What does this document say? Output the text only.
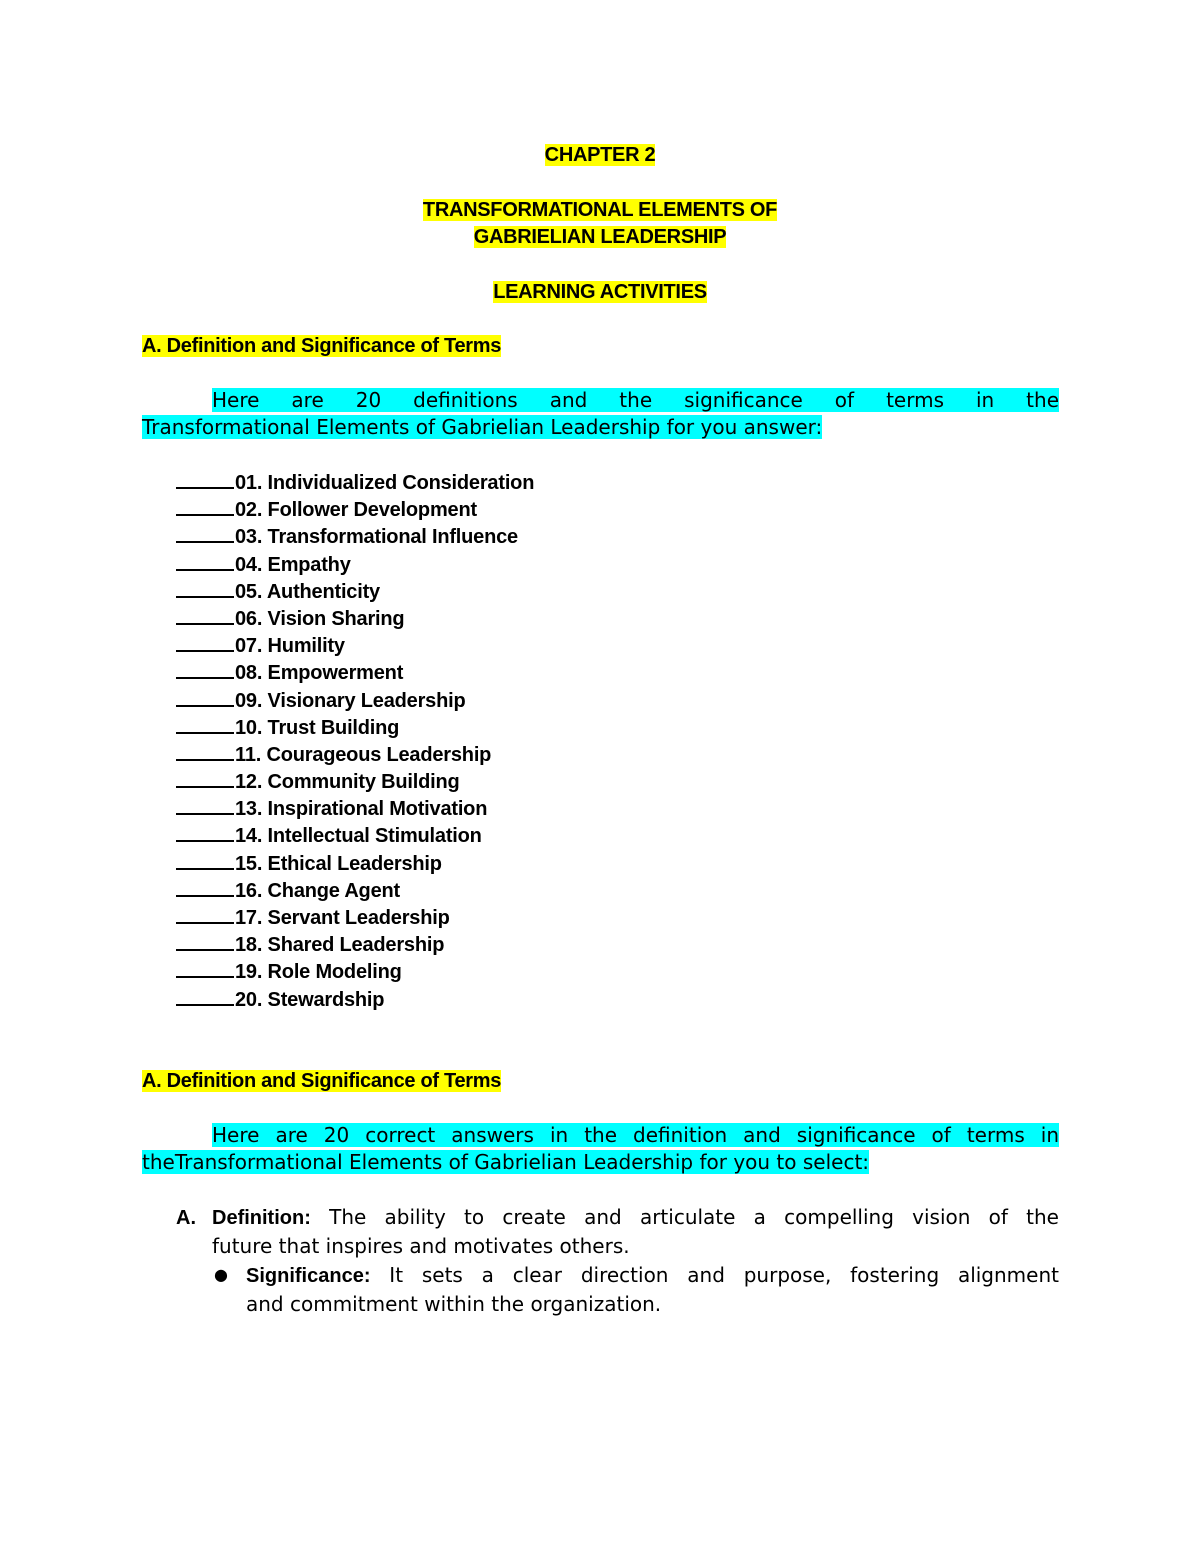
CHAPTER 2
TRANSFORMATIONAL ELEMENTS OF
GABRIELIAN LEADERSHIP
LEARNING ACTIVITIES
A. Definition and Significance of Terms
Here are 20 definitions and the significance of terms in the
Transformational Elements of Gabrielian Leadership for you answer:
01. Individualized Consideration
02. Follower Development
03. Transformational Influence
04. Empathy
05. Authenticity
06. Vision Sharing
07. Humility
08. Empowerment
09. Visionary Leadership
10. Trust Building
11. Courageous Leadership
12. Community Building
13. Inspirational Motivation
14. Intellectual Stimulation
15. Ethical Leadership
16. Change Agent
17. Servant Leadership
18. Shared Leadership
19. Role Modeling
20. Stewardship
A. Definition and Significance of Terms
Here are 20 correct answers in the definition and significance of terms in
theTransformational Elements of Gabrielian Leadership for you to select:
A. Definition: The ability to create and articulate a compelling vision of the
future that inspires and motivates others.
● Significance: It sets a clear direction and purpose, fostering alignment
and commitment within the organization.
